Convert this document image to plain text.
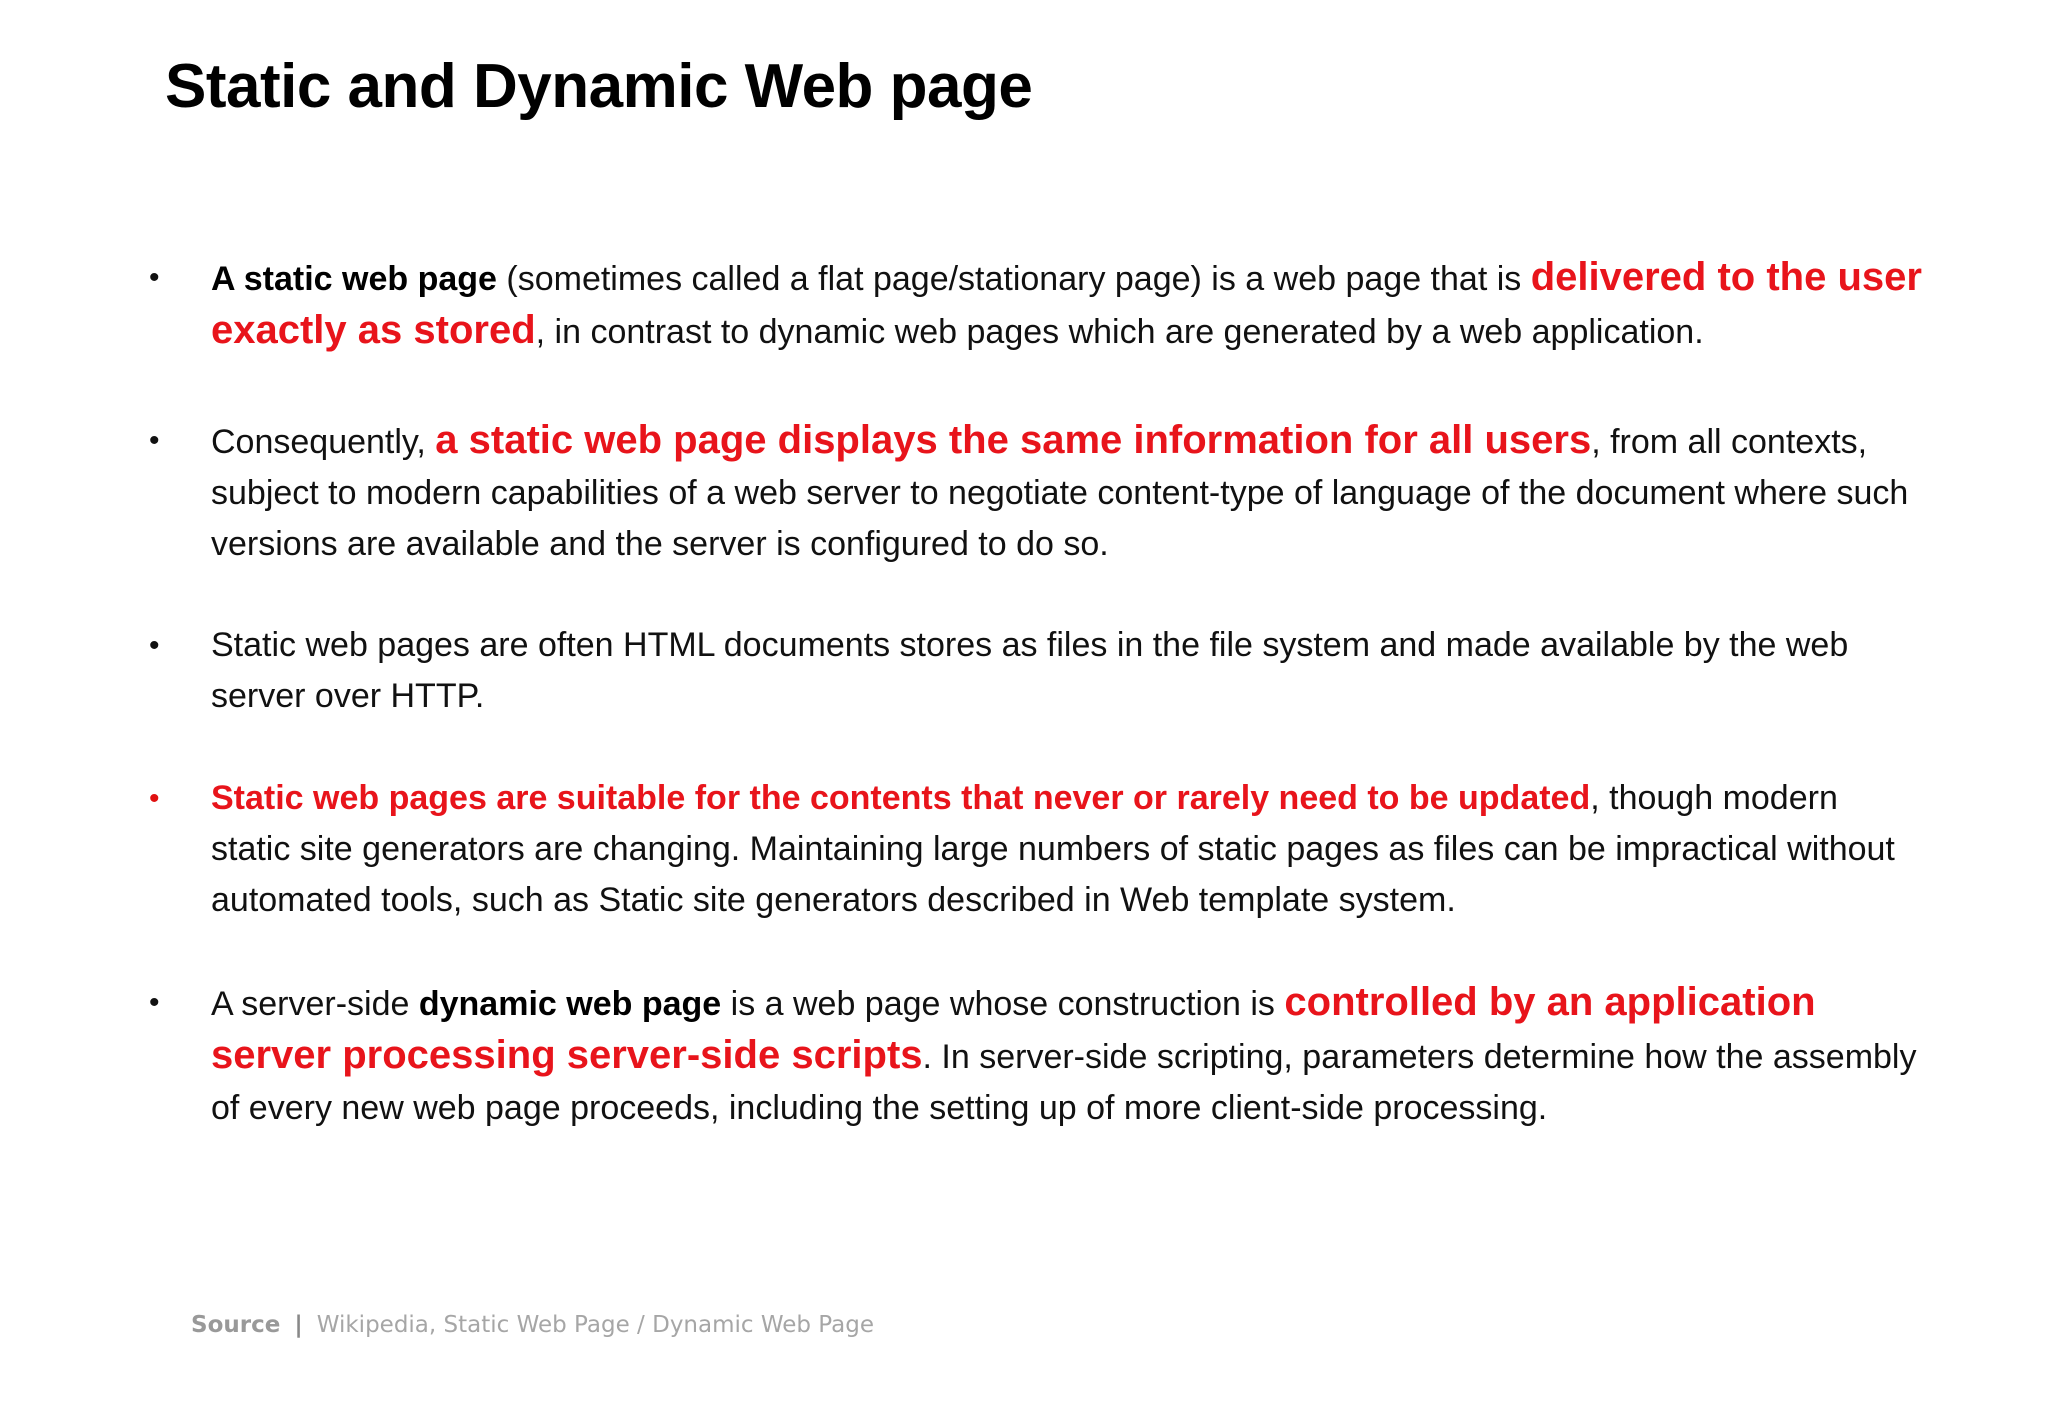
Static and Dynamic Web page
• A static web page (sometimes called a flat page/stationary page) is a web page that is delivered to the user exactly as stored, in contrast to dynamic web pages which are generated by a web application.
• Consequently, a static web page displays the same information for all users, from all contexts, subject to modern capabilities of a web server to negotiate content-type of language of the document where such versions are available and the server is configured to do so.
• Static web pages are often HTML documents stores as files in the file system and made available by the web server over HTTP.
• Static web pages are suitable for the contents that never or rarely need to be updated, though modern static site generators are changing. Maintaining large numbers of static pages as files can be impractical without automated tools, such as Static site generators described in Web template system.
• A server-side dynamic web page is a web page whose construction is controlled by an application server processing server-side scripts. In server-side scripting, parameters determine how the assembly of every new web page proceeds, including the setting up of more client-side processing.
Source | Wikipedia, Static Web Page / Dynamic Web Page
